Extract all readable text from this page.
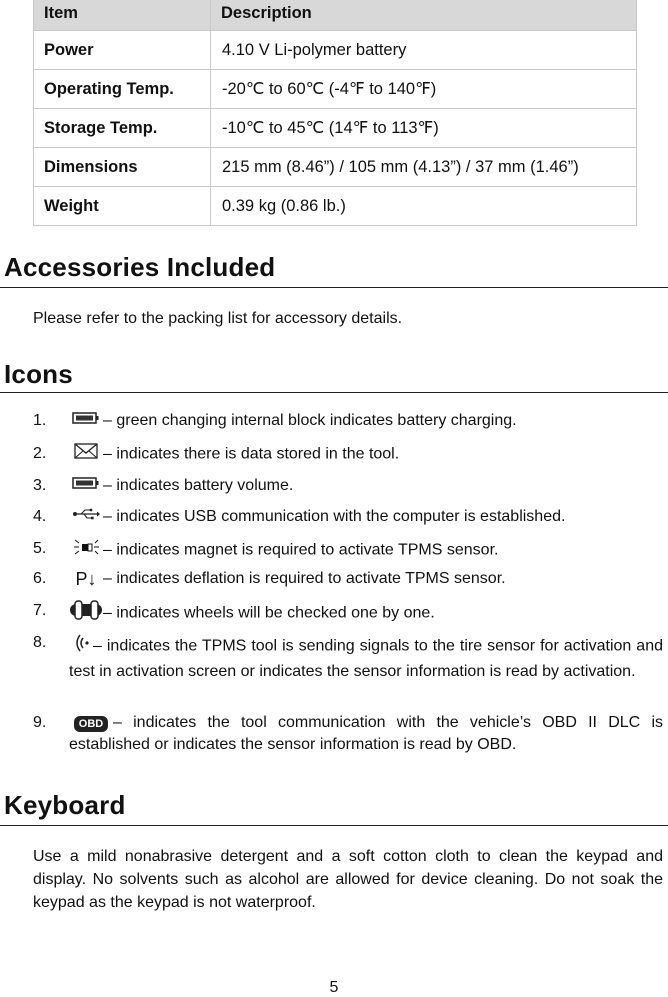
Item	Description
Power	4.10 V Li-polymer battery
Operating Temp.	-20℃ to 60℃ (-4℉ to 140℉)
Storage Temp.	-10℃ to 45℃ (14℉ to 113℉)
Dimensions	215 mm (8.46”) / 105 mm (4.13”) / 37 mm (1.46”)
Weight	0.39 kg (0.86 lb.)
Accessories Included

Please refer to the packing list for accessory details.

Icons
1.	– green changing internal block indicates battery charging.
2.	– indicates there is data stored in the tool.
3.	– indicates battery volume.
4.	– indicates USB communication with the computer is established.
5.	– indicates magnet is required to activate TPMS sensor.
6.	P↓ – indicates deflation is required to activate TPMS sensor.
7.	– indicates wheels will be checked one by one.
8.	– indicates the TPMS tool is sending signals to the tire sensor for activation and test in activation screen or indicates the sensor information is read by activation.
9.	OBD – indicates the tool communication with the vehicle’s OBD II DLC is established or indicates the sensor information is read by OBD.
Keyboard

Use a mild nonabrasive detergent and a soft cotton cloth to clean the keypad and display. No solvents such as alcohol are allowed for device cleaning. Do not soak the keypad as the keypad is not waterproof.

5
